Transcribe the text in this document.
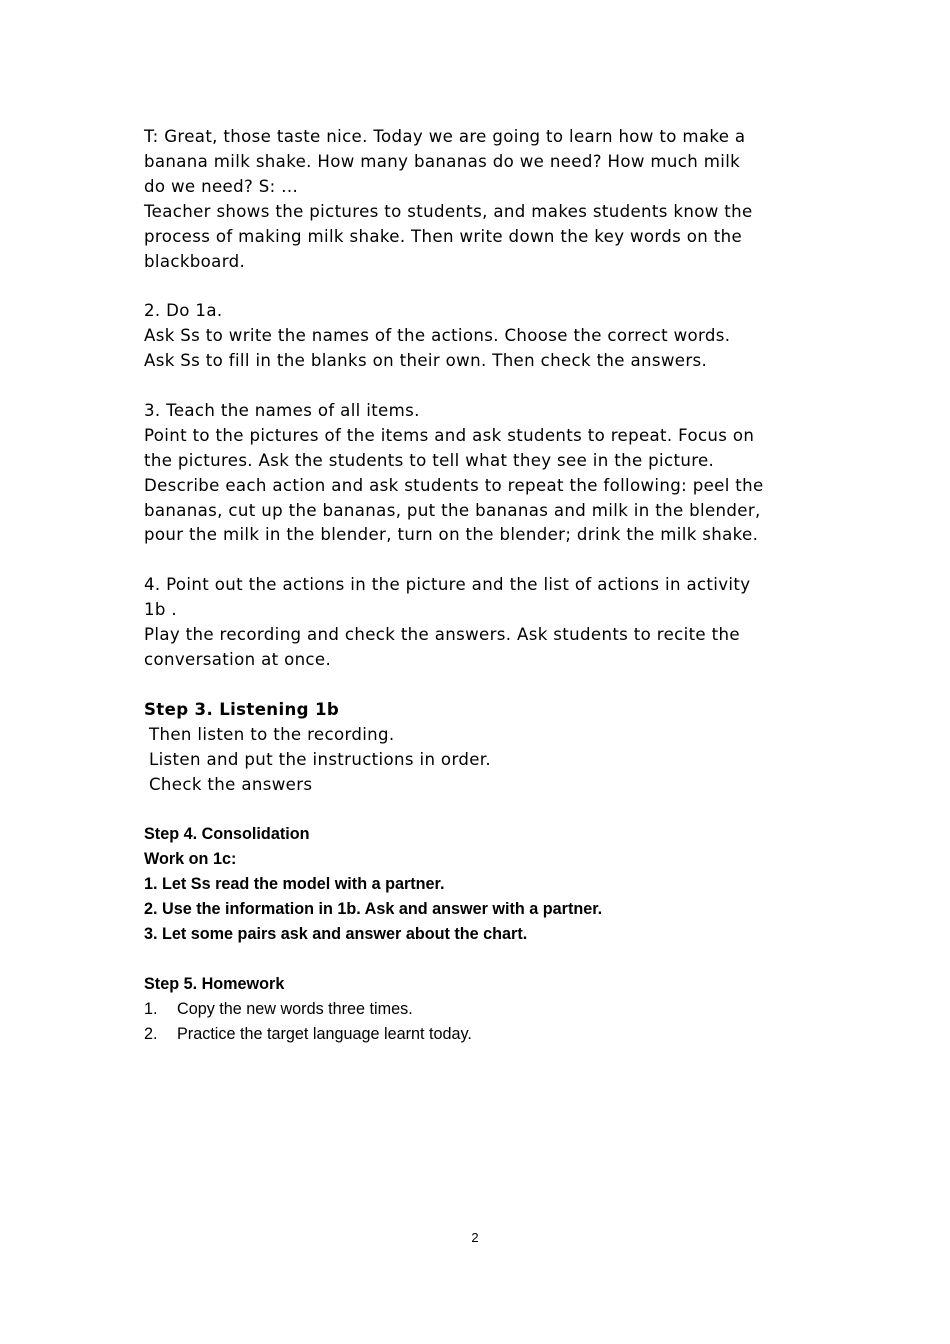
T: Great, those taste nice. Today we are going to learn how to make a banana milk shake. How many bananas do we need? How much milk do we need? S: ...

Teacher shows the pictures to students, and makes students know the process of making milk shake. Then write down the key words on the blackboard.

2. Do 1a.

Ask Ss to write the names of the actions. Choose the correct words.

Ask Ss to fill in the blanks on their own. Then check the answers.

3. Teach the names of all items.

Point to the pictures of the items and ask students to repeat. Focus on the pictures. Ask the students to tell what they see in the picture. Describe each action and ask students to repeat the following: peel the bananas, cut up the bananas, put the bananas and milk in the blender, pour the milk in the blender, turn on the blender; drink the milk shake.

4. Point out the actions in the picture and the list of actions in activity 1b .

Play the recording and check the answers. Ask students to recite the conversation at once.

Step 3. Listening 1b

Then listen to the recording.

Listen and put the instructions in order.

Check the answers

Step 4. Consolidation

Work on 1c:

1. Let Ss read the model with a partner.

2. Use the information in 1b. Ask and answer with a partner.

3. Let some pairs ask and answer about the chart.

Step 5. Homework

1.	Copy the new words three times.
2.	Practice the target language learnt today.
2
